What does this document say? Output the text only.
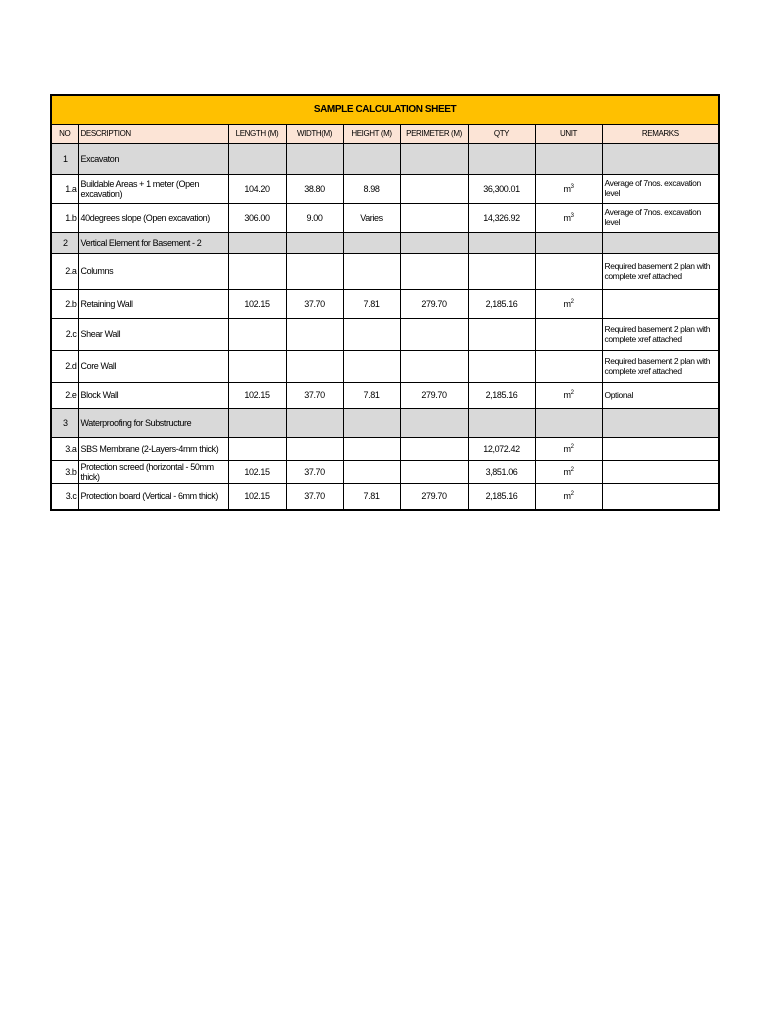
SAMPLE CALCULATION SHEET								
NO	DESCRIPTION	LENGTH (M)	WIDTH(M)	HEIGHT (M)	PERIMETER (M)	QTY	UNIT	REMARKS
1	Excavaton							
1.a	Buildable Areas + 1 meter (Open excavation)	104.20	38.80	8.98		36,300.01	$m^3$	Average of 7nos. excavation level
1.b	40degrees slope (Open excavation)	306.00	9.00	Varies		14,326.92	$m^3$	Average of 7nos. excavation level
2	Vertical Element for Basement - 2							
2.a	Columns							Required basement 2 plan with complete xref attached
2.b	Retaining Wall	102.15	37.70	7.81	279.70	2,185.16	$m^2$	
2.c	Shear Wall							Required basement 2 plan with complete xref attached
2.d	Core Wall							Required basement 2 plan with complete xref attached
2.e	Block Wall	102.15	37.70	7.81	279.70	2,185.16	$m^2$	Optional
3	Waterproofing for Substructure							
3.a	SBS Membrane (2-Layers-4mm thick)					12,072.42	$m^2$	
3.b	Protection screed (horizontal - 50mm thick)	102.15	37.70			3,851.06	$m^2$	
3.c	Protection board (Vertical - 6mm thick)	102.15	37.70	7.81	279.70	2,185.16	$m^2$	
